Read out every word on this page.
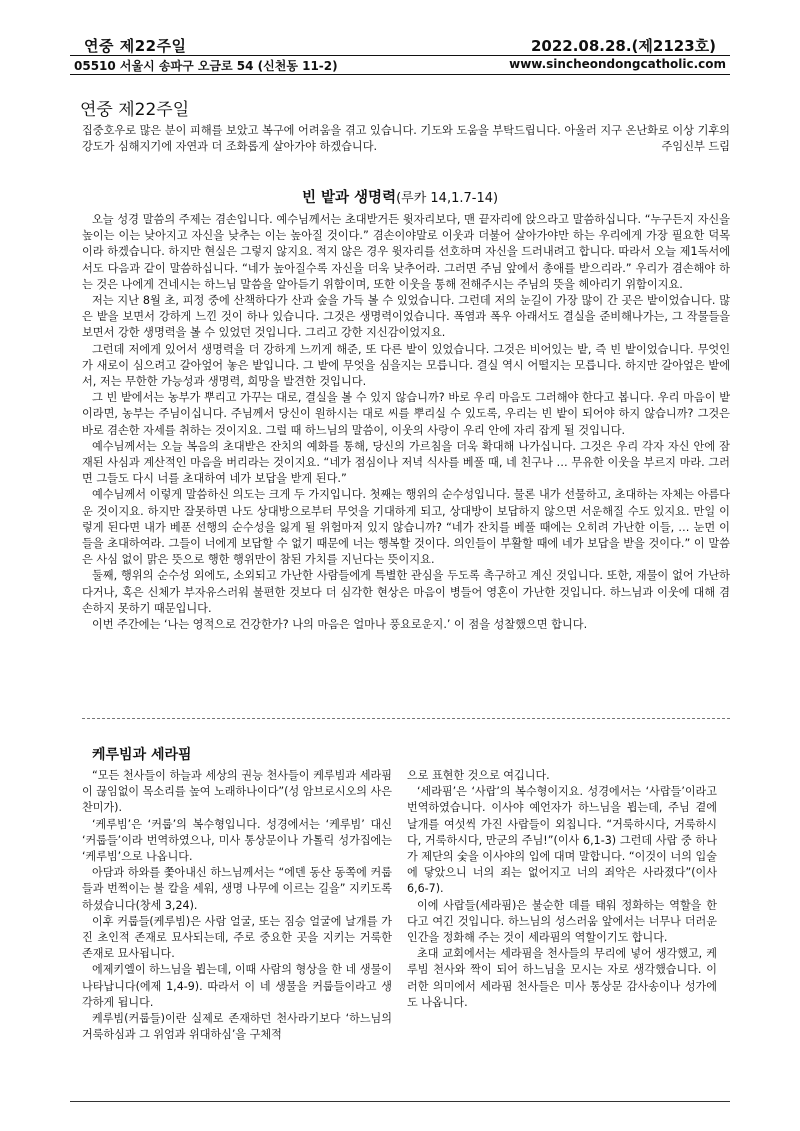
연중 제22주일	2022.08.28.(제2123호)
05510 서울시 송파구 오금로 54 (신천동 11-2)	www.sincheondongcatholic.com
연중 제22주일

집중호우로 많은 분이 피해를 보았고 복구에 어려움을 겪고 있습니다. 기도와 도움을 부탁드립니다. 아울러 지구 온난화로 이상 기후의 강도가 심해지기에 자연과 더 조화롭게 살아가야 하겠습니다.	주임신부 드림

빈 밭과 생명력(루카 14,1.7-14)

오늘 성경 말씀의 주제는 겸손입니다. 예수님께서는 초대받거든 윗자리보다, 맨 끝자리에 앉으라고 말씀하십니다. “누구든지 자신을 높이는 이는 낮아지고 자신을 낮추는 이는 높아질 것이다.” 겸손이야말로 이웃과 더불어 살아가야만 하는 우리에게 가장 필요한 덕목이라 하겠습니다. 하지만 현실은 그렇지 않지요. 적지 않은 경우 윗자리를 선호하며 자신을 드러내려고 합니다. 따라서 오늘 제1독서에서도 다음과 같이 말씀하십니다. “네가 높아질수록 자신을 더욱 낮추어라. 그러면 주님 앞에서 총애를 받으리라.” 우리가 겸손해야 하는 것은 나에게 건네시는 하느님 말씀을 알아듣기 위함이며, 또한 이웃을 통해 전해주시는 주님의 뜻을 헤아리기 위함이지요.

저는 지난 8월 초, 피정 중에 산책하다가 산과 숲을 가득 볼 수 있었습니다. 그런데 저의 눈길이 가장 많이 간 곳은 밭이었습니다. 많은 밭을 보면서 강하게 느낀 것이 하나 있습니다. 그것은 생명력이었습니다. 폭염과 폭우 아래서도 결실을 준비해나가는, 그 작물들을 보면서 강한 생명력을 볼 수 있었던 것입니다. 그리고 강한 지신감이었지요.

그런데 저에게 있어서 생명력을 더 강하게 느끼게 해준, 또 다른 밭이 있었습니다. 그것은 비어있는 밭, 즉 빈 밭이었습니다. 무엇인가 새로이 심으려고 갈아엎어 놓은 밭입니다. 그 밭에 무엇을 심을지는 모릅니다. 결실 역시 어떨지는 모릅니다. 하지만 갈아엎은 밭에서, 저는 무한한 가능성과 생명력, 희망을 발견한 것입니다.

그 빈 밭에서는 농부가 뿌리고 가꾸는 대로, 결실을 볼 수 있지 않습니까? 바로 우리 마음도 그러해야 한다고 봅니다. 우리 마음이 밭이라면, 농부는 주님이십니다. 주님께서 당신이 원하시는 대로 씨를 뿌리실 수 있도록, 우리는 빈 밭이 되어야 하지 않습니까? 그것은 바로 겸손한 자세를 취하는 것이지요. 그럴 때 하느님의 말씀이, 이웃의 사랑이 우리 안에 자리 잡게 될 것입니다.

예수님께서는 오늘 복음의 초대받은 잔치의 예화를 통해, 당신의 가르침을 더욱 확대해 나가십니다. 그것은 우리 각자 자신 안에 잠재된 사심과 계산적인 마음을 버리라는 것이지요. “네가 점심이나 저녁 식사를 베풀 때, 네 친구나 … 무유한 이웃을 부르지 마라. 그러면 그들도 다시 너를 초대하여 네가 보답을 받게 된다.”

예수님께서 이렇게 말씀하신 의도는 크게 두 가지입니다. 첫째는 행위의 순수성입니다. 물론 내가 선물하고, 초대하는 자체는 아름다운 것이지요. 하지만 잘못하면 나도 상대방으로부터 무엇을 기대하게 되고, 상대방이 보답하지 않으면 서운해질 수도 있지요. 만일 이렇게 된다면 내가 베푼 선행의 순수성을 잃게 될 위험마저 있지 않습니까? “네가 잔치를 베풀 때에는 오히려 가난한 이들, … 눈먼 이들을 초대하여라. 그들이 너에게 보답할 수 없기 때문에 너는 행복할 것이다. 의인들이 부활할 때에 네가 보답을 받을 것이다.” 이 말씀은 사심 없이 맑은 뜻으로 행한 행위만이 참된 가치를 지닌다는 뜻이지요.

둘째, 행위의 순수성 외에도, 소외되고 가난한 사람들에게 특별한 관심을 두도록 촉구하고 계신 것입니다. 또한, 재물이 없어 가난하다거나, 혹은 신체가 부자유스러워 불편한 것보다 더 심각한 현상은 마음이 병들어 영혼이 가난한 것입니다. 하느님과 이웃에 대해 겸손하지 못하기 때문입니다.

이번 주간에는 ‘나는 영적으로 건강한가? 나의 마음은 얼마나 풍요로운지.’ 이 점을 성찰했으면 합니다.

케루빔과 세라핌

“모든 천사들이 하늘과 세상의 권능 천사들이 케루빔과 세라핌이 끊임없이 목소리를 높여 노래하나이다”(성 암브로시오의 사은 찬미가).

‘케루빔’은 ‘커룹’의 복수형입니다. 성경에서는 ‘케루빔’ 대신 ‘커룹들’이라 번역하였으나, 미사 통상문이나 가톨릭 성가집에는 ‘케루빔’으로 나옵니다.

아담과 하와를 쫓아내신 하느님께서는 “에덴 동산 동쪽에 커룹들과 번쩍이는 불 칼을 세워, 생명 나무에 이르는 길을” 지키도록 하셨습니다(창세 3,24).

이후 커룹들(케루빔)은 사람 얼굴, 또는 짐승 얼굴에 날개를 가진 초인적 존재로 묘사되는데, 주로 중요한 곳을 지키는 거룩한 존재로 묘사됩니다.

에제키엘이 하느님을 뵙는데, 이때 사람의 형상을 한 네 생물이 나타납니다(에제 1,4-9). 따라서 이 네 생물을 커룹들이라고 생각하게 됩니다.

케루빔(커룹들)이란 실제로 존재하던 천사라기보다 ‘하느님의 거룩하심과 그 위엄과 위대하심’을 구체적

으로 표현한 것으로 여깁니다.

‘세라핌’은 ‘사랍’의 복수형이지요. 성경에서는 ‘사랍들’이라고 번역하였습니다. 이사야 예언자가 하느님을 뵙는데, 주님 곁에 날개를 여섯씩 가진 사랍들이 외칩니다. “거룩하시다, 거룩하시다, 거룩하시다, 만군의 주님!”(이사 6,1-3) 그런데 사랍 중 하나가 제단의 숯을 이사야의 입에 대며 말합니다. “이것이 너의 입술에 닿았으니 너의 죄는 없어지고 너의 죄악은 사라졌다”(이사 6,6-7).

이에 사랍들(세라핌)은 불순한 데를 태워 정화하는 역할을 한다고 여긴 것입니다. 하느님의 성스러움 앞에서는 너무나 더러운 인간을 정화해 주는 것이 세라핌의 역할이기도 합니다.

초대 교회에서는 세라핌을 천사들의 무리에 넣어 생각했고, 케루빔 천사와 짝이 되어 하느님을 모시는 자로 생각했습니다. 이러한 의미에서 세라핌 천사들은 미사 통상문 감사송이나 성가에도 나옵니다.
